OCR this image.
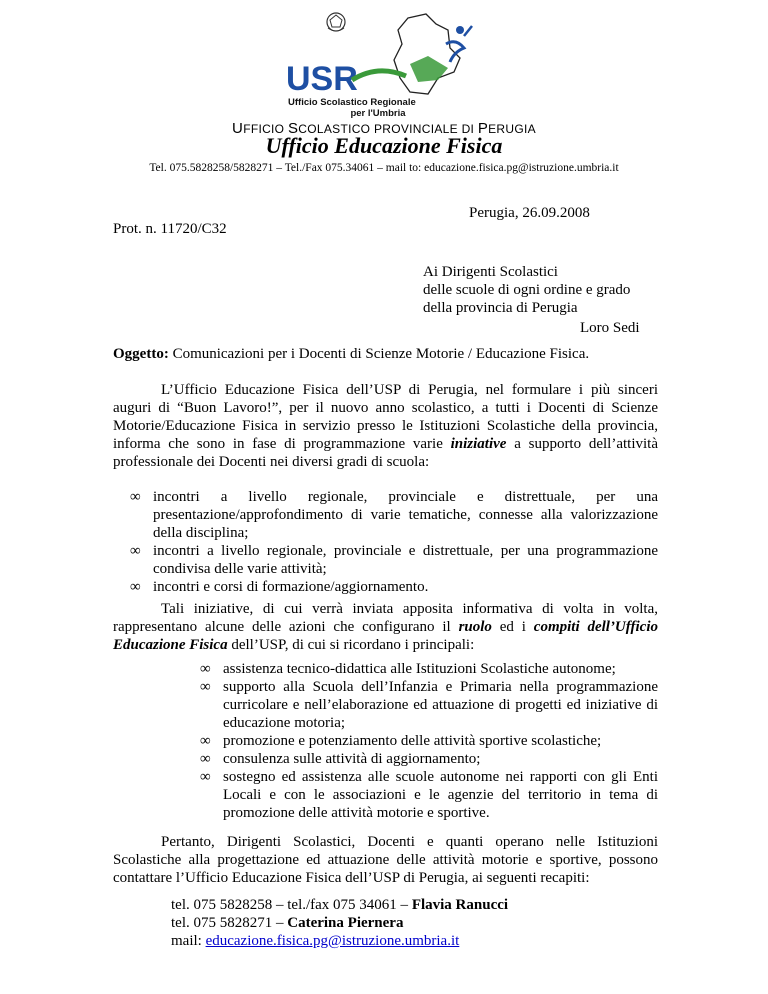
USR
Ufficio Scolastico Regionale
per l'Umbria
UFFICIO SCOLASTICO PROVINCIALE DI PERUGIA
Ufficio Educazione Fisica
Tel. 075.5828258/5828271 – Tel./Fax 075.34061 – mail to: educazione.fisica.pg@istruzione.umbria.it
Perugia, 26.09.2008
Prot. n. 11720/C32
Ai Dirigenti Scolastici
delle scuole di ogni ordine e grado
della provincia di Perugia
Loro Sedi
Oggetto: Comunicazioni per i Docenti di Scienze Motorie / Educazione Fisica.
L’Ufficio Educazione Fisica dell’USP di Perugia, nel formulare i più sinceri auguri di “Buon Lavoro!”, per il nuovo anno scolastico, a tutti i Docenti di Scienze Motorie/Educazione Fisica in servizio presso le Istituzioni Scolastiche della provincia, informa che sono in fase di programmazione varie iniziative a supporto dell’attività professionale dei Docenti nei diversi gradi di scuola:
∞ incontri a livello regionale, provinciale e distrettuale, per una presentazione/approfondimento di varie tematiche, connesse alla valorizzazione della disciplina;
∞ incontri a livello regionale, provinciale e distrettuale, per una programmazione condivisa delle varie attività;
∞ incontri e corsi di formazione/aggiornamento.
Tali iniziative, di cui verrà inviata apposita informativa di volta in volta, rappresentano alcune delle azioni che configurano il ruolo ed i compiti dell’Ufficio Educazione Fisica dell’USP, di cui si ricordano i principali:
∞ assistenza tecnico-didattica alle Istituzioni Scolastiche autonome;
∞ supporto alla Scuola dell’Infanzia e Primaria nella programmazione curricolare e nell’elaborazione ed attuazione di progetti ed iniziative di educazione motoria;
∞ promozione e potenziamento delle attività sportive scolastiche;
∞ consulenza sulle attività di aggiornamento;
∞ sostegno ed assistenza alle scuole autonome nei rapporti con gli Enti Locali e con le associazioni e le agenzie del territorio in tema di promozione delle attività motorie e sportive.
Pertanto, Dirigenti Scolastici, Docenti e quanti operano nelle Istituzioni Scolastiche alla progettazione ed attuazione delle attività motorie e sportive, possono contattare l’Ufficio Educazione Fisica dell’USP di Perugia, ai seguenti recapiti:
tel. 075 5828258 – tel./fax 075 34061 – Flavia Ranucci
tel. 075 5828271 – Caterina Piernera
mail: educazione.fisica.pg@istruzione.umbria.it
